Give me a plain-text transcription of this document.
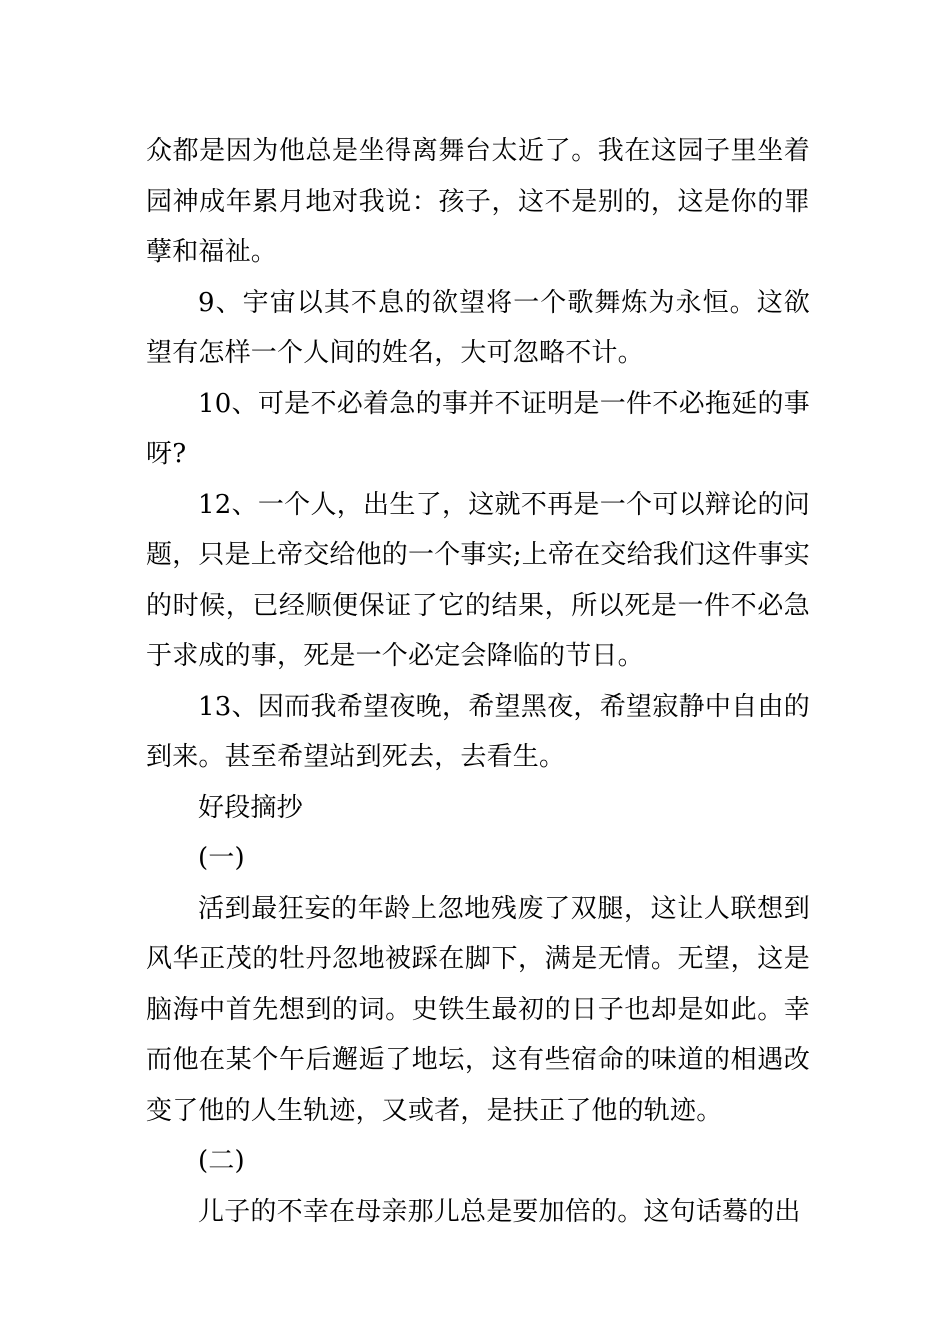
众都是因为他总是坐得离舞台太近了。我在这园子里坐着园神成年累月地对我说：孩子，这不是别的，这是你的罪孽和福祉。

9、宇宙以其不息的欲望将一个歌舞炼为永恒。这欲望有怎样一个人间的姓名，大可忽略不计。

10、可是不必着急的事并不证明是一件不必拖延的事呀?

12、一个人，出生了，这就不再是一个可以辩论的问题，只是上帝交给他的一个事实;上帝在交给我们这件事实的时候，已经顺便保证了它的结果，所以死是一件不必急于求成的事，死是一个必定会降临的节日。

13、因而我希望夜晚，希望黑夜，希望寂静中自由的到来。甚至希望站到死去，去看生。

好段摘抄

(一)

活到最狂妄的年龄上忽地残废了双腿，这让人联想到风华正茂的牡丹忽地被踩在脚下，满是无情。无望，这是脑海中首先想到的词。史铁生最初的日子也却是如此。幸而他在某个午后邂逅了地坛，这有些宿命的味道的相遇改变了他的人生轨迹，又或者，是扶正了他的轨迹。

(二)

儿子的不幸在母亲那儿总是要加倍的。这句话蓦的出
